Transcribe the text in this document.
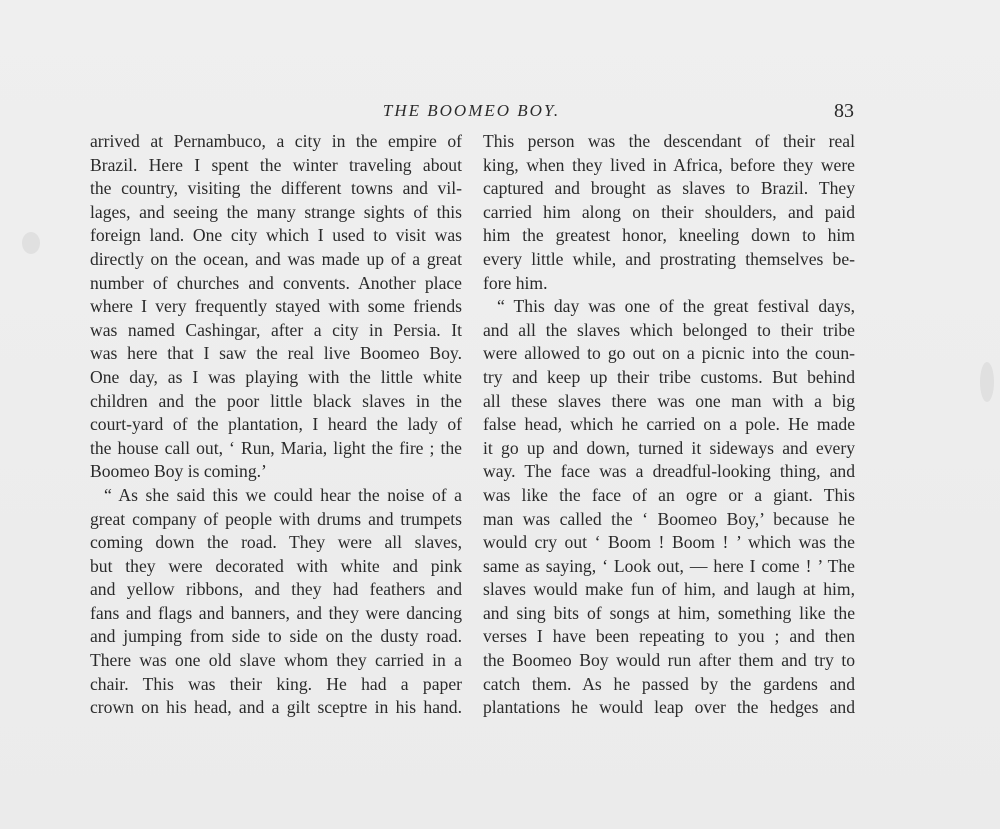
THE BOOMEO BOY.	83
arrived at Pernambuco, a city in the empire of
Brazil. Here I spent the winter traveling about
the country, visiting the different towns and vil-
lages, and seeing the many strange sights of this
foreign land. One city which I used to visit was
directly on the ocean, and was made up of a great
number of churches and convents. Another place
where I very frequently stayed with some friends
was named Cashingar, after a city in Persia. It
was here that I saw the real live Boomeo Boy.
One day, as I was playing with the little white
children and the poor little black slaves in the
court-yard of the plantation, I heard the lady of
the house call out, ‘ Run, Maria, light the fire ; the
Boomeo Boy is coming.’
“ As she said this we could hear the noise of a
great company of people with drums and trumpets
coming down the road. They were all slaves,
but they were decorated with white and pink
and yellow ribbons, and they had feathers and
fans and flags and banners, and they were dancing
and jumping from side to side on the dusty road.
There was one old slave whom they carried in a
chair. This was their king. He had a paper
crown on his head, and a gilt sceptre in his hand.
This person was the descendant of their real
king, when they lived in Africa, before they were
captured and brought as slaves to Brazil. They
carried him along on their shoulders, and paid
him the greatest honor, kneeling down to him
every little while, and prostrating themselves be-
fore him.
“ This day was one of the great festival days,
and all the slaves which belonged to their tribe
were allowed to go out on a picnic into the coun-
try and keep up their tribe customs. But behind
all these slaves there was one man with a big
false head, which he carried on a pole. He made
it go up and down, turned it sideways and every
way. The face was a dreadful-looking thing, and
was like the face of an ogre or a giant. This
man was called the ‘ Boomeo Boy,’ because he
would cry out ‘ Boom ! Boom ! ’ which was the
same as saying, ‘ Look out, — here I come ! ’ The
slaves would make fun of him, and laugh at him,
and sing bits of songs at him, something like the
verses I have been repeating to you ; and then
the Boomeo Boy would run after them and try to
catch them. As he passed by the gardens and
plantations he would leap over the hedges and
